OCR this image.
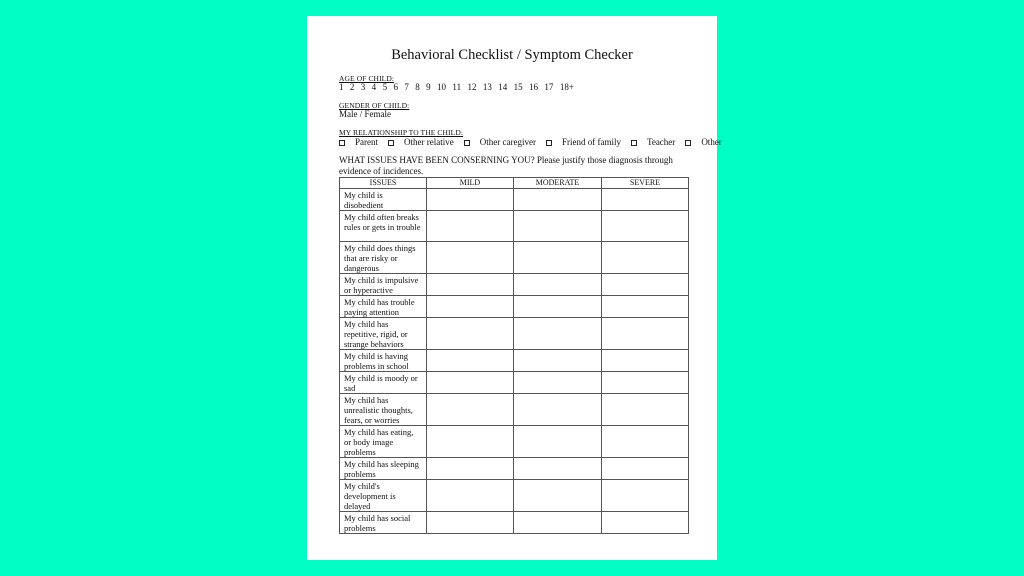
Behavioral Checklist / Symptom Checker
AGE OF CHILD:
1 2 3 4 5 6 7 8 9 10 11 12 13 14 15 16 17 18+
GENDER OF CHILD:
Male / Female
MY RELATIONSHIP TO THE CHILD:
Parent	Other relative	Other caregiver	Friend of family	Teacher	Other
WHAT ISSUES HAVE BEEN CONSERNING YOU? Please justify those diagnosis through evidence of incidences.
ISSUES	MILD	MODERATE	SEVERE
My child is disobedient			
My child often breaks rules or gets in trouble			
My child does things that are risky or dangerous			
My child is impulsive or hyperactive			
My child has trouble paying attention			
My child has repetitive, rigid, or strange behaviors			
My child is having problems in school			
My child is moody or sad			
My child has unrealistic thoughts, fears, or worries			
My child has eating, or body image problems			
My child has sleeping problems			
My child's development is delayed			
My child has social problems			
